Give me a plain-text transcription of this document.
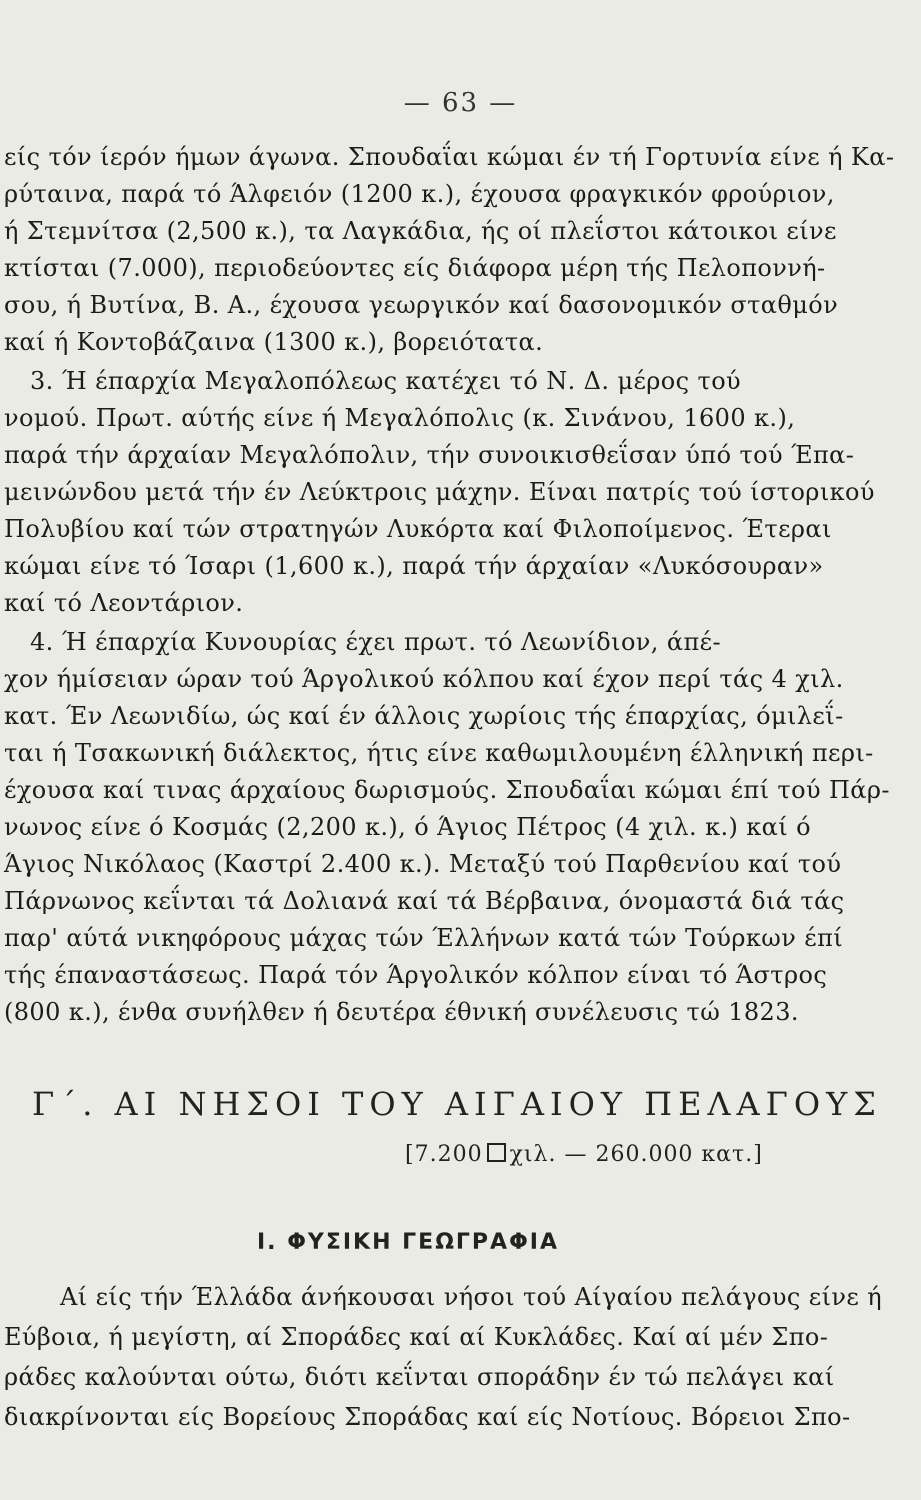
— 63 —
είς τόν ίερόν ήμων άγωνα. Σπουδαΐαι κώμαι έν τή Γορτυνία είνε ή Κα-
ρύταινα, παρά τό Άλφειόν (1200 κ.), έχουσα φραγκικόν φρούριον,
ή Στεμνίτσα (2,500 κ.), τα Λαγκάδια, ής οί πλεΐστοι κάτοικοι είνε
κτίσται (7.000), περιοδεύοντες είς διάφορα μέρη τής Πελοποννή-
σου, ή Βυτίνα, Β. Α., έχουσα γεωργικόν καί δασονομικόν σταθμόν
καί ή Κοντοβάζαινα (1300 κ.), βορειότατα.
3. Ή έπαρχία Μεγαλοπόλεως κατέχει τό Ν. Δ. μέρος τού
νομού. Πρωτ. αύτής είνε ή Μεγαλόπολις (κ. Σινάνου, 1600 κ.),
παρά τήν άρχαίαν Μεγαλόπολιν, τήν συνοικισθεΐσαν ύπό τού Έπα-
μεινώνδου μετά τήν έν Λεύκτροις μάχην. Είναι πατρίς τού ίστορικού
Πολυβίου καί τών στρατηγών Λυκόρτα καί Φιλοποίμενος. Έτεραι
κώμαι είνε τό Ίσαρι (1,600 κ.), παρά τήν άρχαίαν «Λυκόσουραν»
καί τό Λεοντάριον.
4. Ή έπαρχία Κυνουρίας έχει πρωτ. τό Λεωνίδιον, άπέ-
χον ήμίσειαν ώραν τού Άργολικού κόλπου καί έχον περί τάς 4 χιλ.
κατ. Έν Λεωνιδίω, ώς καί έν άλλοις χωρίοις τής έπαρχίας, όμιλεΐ-
ται ή Τσακωνική διάλεκτος, ήτις είνε καθωμιλουμένη έλληνική περι-
έχουσα καί τινας άρχαίους δωρισμούς. Σπουδαΐαι κώμαι έπί τού Πάρ-
νωνος είνε ό Κοσμάς (2,200 κ.), ό Άγιος Πέτρος (4 χιλ. κ.) καί ό
Άγιος Νικόλαος (Καστρί 2.400 κ.). Μεταξύ τού Παρθενίου καί τού
Πάρνωνος κεΐνται τά Δολιανά καί τά Βέρβαινα, όνομαστά διά τάς
παρ' αύτά νικηφόρους μάχας τών Έλλήνων κατά τών Τούρκων έπί
τής έπαναστάσεως. Παρά τόν Άργολικόν κόλπον είναι τό Άστρος
(800 κ.), ένθα συνήλθεν ή δευτέρα έθνική συνέλευσις τώ 1823.
Γ΄. ΑΙ ΝΗΣΟΙ ΤΟΥ ΑΙΓΑΙΟΥ ΠΕΛΑΓΟΥΣ
[7.200 χιλ. — 260.000 κατ.]
Ι. ΦΥΣΙΚΗ ΓΕΩΓΡΑΦΙΑ
Αί είς τήν Έλλάδα άνήκουσαι νήσοι τού Αίγαίου πελάγους είνε ή
Εύβοια, ή μεγίστη, αί Σποράδες καί αί Κυκλάδες. Καί αί μέν Σπο-
ράδες καλούνται ούτω, διότι κεΐνται σποράδην έν τώ πελάγει καί
διακρίνονται είς Βορείους Σποράδας καί είς Νοτίους. Βόρειοι Σπο-
